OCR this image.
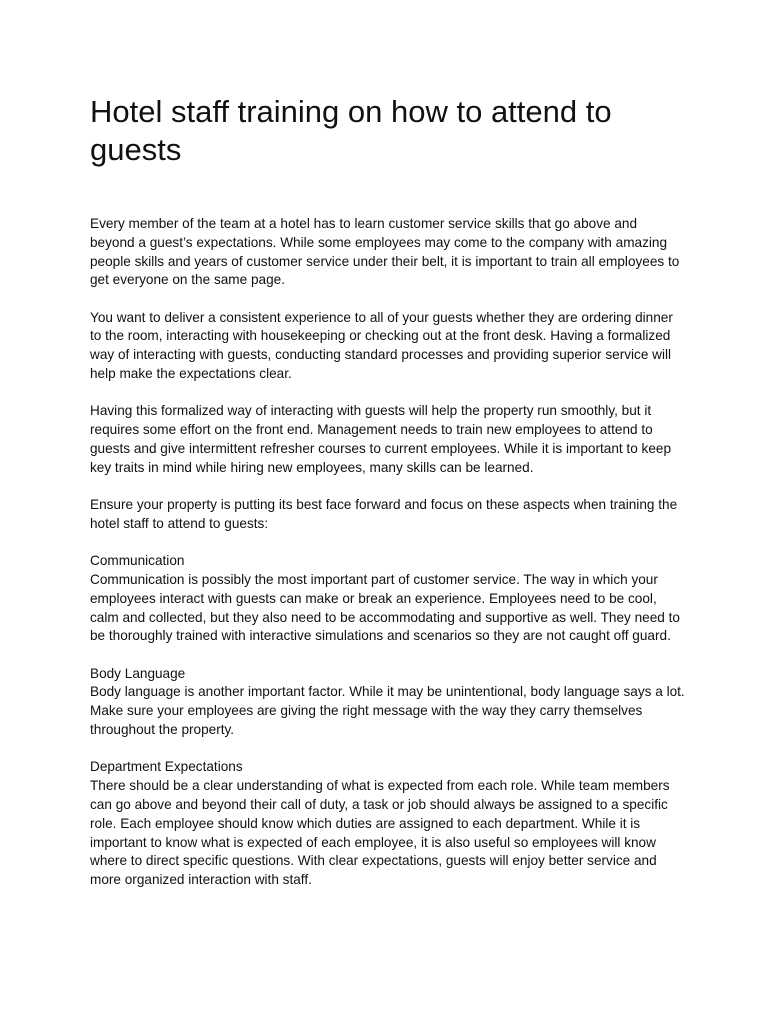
Hotel staff training on how to attend to guests

Every member of the team at a hotel has to learn customer service skills that go above and beyond a guest’s expectations. While some employees may come to the company with amazing people skills and years of customer service under their belt, it is important to train all employees to get everyone on the same page.

You want to deliver a consistent experience to all of your guests whether they are ordering dinner to the room, interacting with housekeeping or checking out at the front desk. Having a formalized way of interacting with guests, conducting standard processes and providing superior service will help make the expectations clear.

Having this formalized way of interacting with guests will help the property run smoothly, but it requires some effort on the front end. Management needs to train new employees to attend to guests and give intermittent refresher courses to current employees. While it is important to keep key traits in mind while hiring new employees, many skills can be learned.

Ensure your property is putting its best face forward and focus on these aspects when training the hotel staff to attend to guests:

Communication

Communication is possibly the most important part of customer service. The way in which your employees interact with guests can make or break an experience. Employees need to be cool, calm and collected, but they also need to be accommodating and supportive as well. They need to be thoroughly trained with interactive simulations and scenarios so they are not caught off guard.

Body Language

Body language is another important factor. While it may be unintentional, body language says a lot. Make sure your employees are giving the right message with the way they carry themselves throughout the property.

Department Expectations

There should be a clear understanding of what is expected from each role. While team members can go above and beyond their call of duty, a task or job should always be assigned to a specific role. Each employee should know which duties are assigned to each department. While it is important to know what is expected of each employee, it is also useful so employees will know where to direct specific questions. With clear expectations, guests will enjoy better service and more organized interaction with staff.
